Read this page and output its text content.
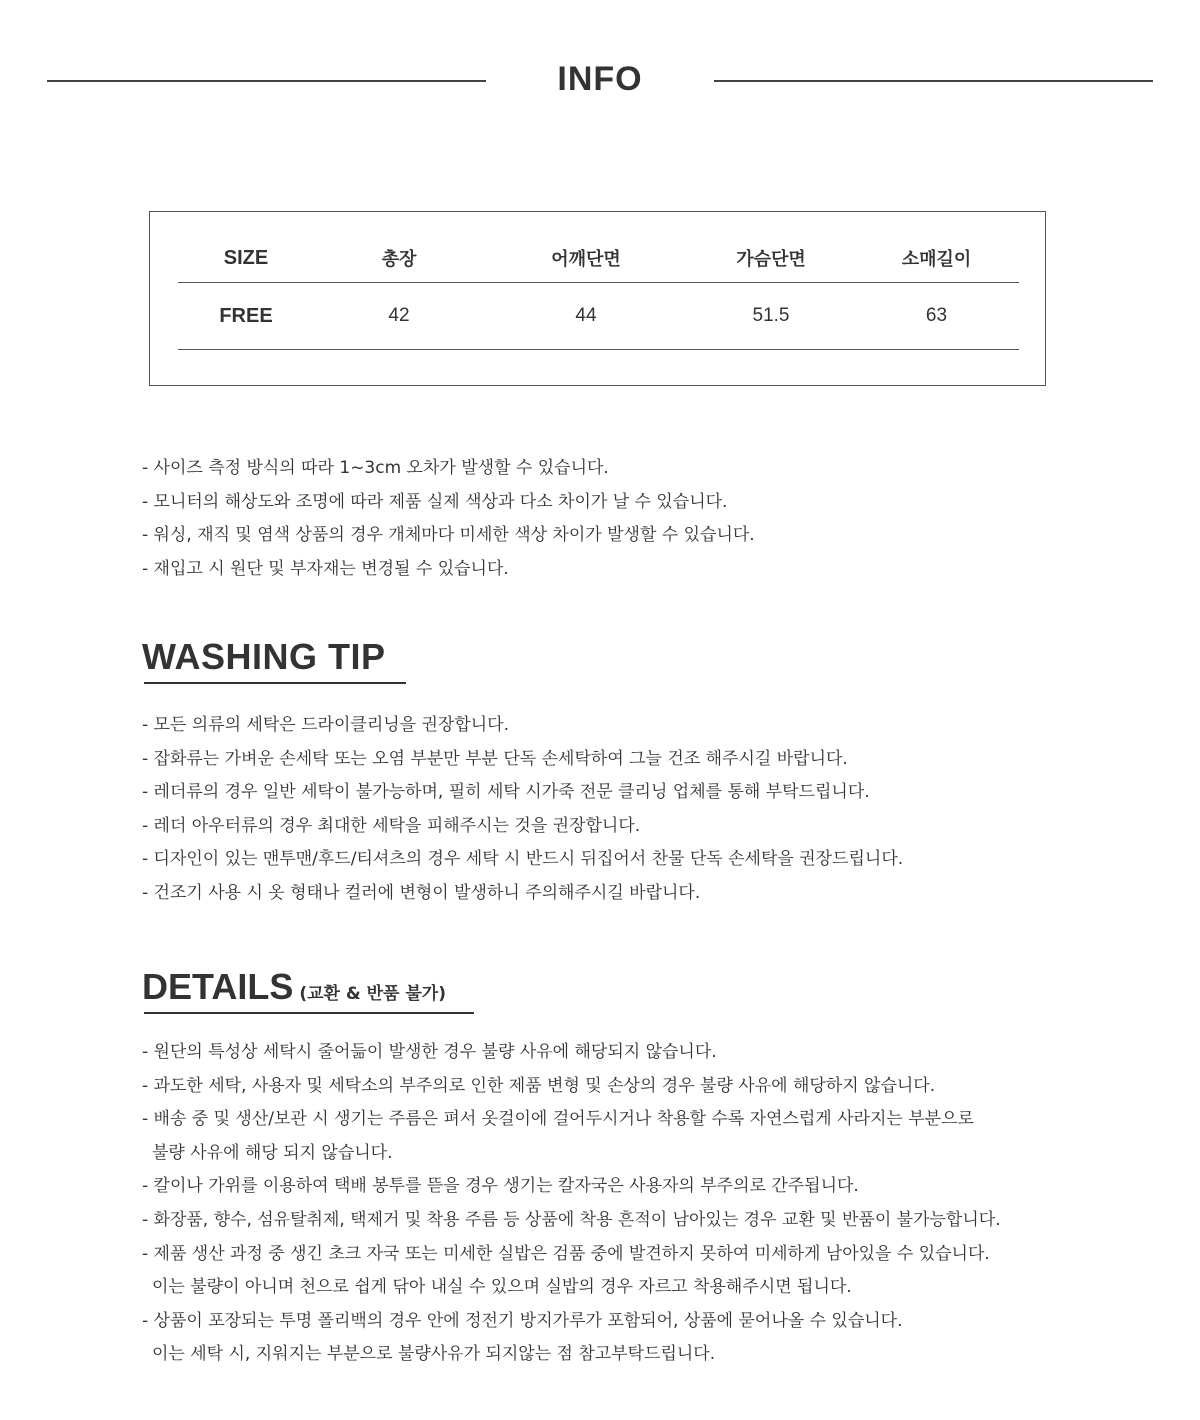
INFO
SIZE	총장	어깨단면	가슴단면	소매길이
FREE	42	44	51.5	63
- 사이즈 측정 방식의 따라 1~3cm 오차가 발생할 수 있습니다.
- 모니터의 해상도와 조명에 따라 제품 실제 색상과 다소 차이가 날 수 있습니다.
- 워싱, 재직 및 염색 상품의 경우 개체마다 미세한 색상 차이가 발생할 수 있습니다.
- 재입고 시 원단 및 부자재는 변경될 수 있습니다.
WASHING TIP
- 모든 의류의 세탁은 드라이클리닝을 권장합니다.
- 잡화류는 가벼운 손세탁 또는 오염 부분만 부분 단독 손세탁하여 그늘 건조 해주시길 바랍니다.
- 레더류의 경우 일반 세탁이 불가능하며, 필히 세탁 시가죽 전문 클리닝 업체를 통해 부탁드립니다.
- 레더 아우터류의 경우 최대한 세탁을 피해주시는 것을 권장합니다.
- 디자인이 있는 맨투맨/후드/티셔츠의 경우 세탁 시 반드시 뒤집어서 찬물 단독 손세탁을 권장드립니다.
- 건조기 사용 시 옷 형태나 컬러에 변형이 발생하니 주의해주시길 바랍니다.
DETAILS (교환 & 반품 불가)
- 원단의 특성상 세탁시 줄어듦이 발생한 경우 불량 사유에 해당되지 않습니다.
- 과도한 세탁, 사용자 및 세탁소의 부주의로 인한 제품 변형 및 손상의 경우 불량 사유에 해당하지 않습니다.
- 배송 중 및 생산/보관 시 생기는 주름은 펴서 옷걸이에 걸어두시거나 착용할 수록 자연스럽게 사라지는 부분으로
불량 사유에 해당 되지 않습니다.
- 칼이나 가위를 이용하여 택배 봉투를 뜯을 경우 생기는 칼자국은 사용자의 부주의로 간주됩니다.
- 화장품, 향수, 섬유탈취제, 택제거 및 착용 주름 등 상품에 착용 흔적이 남아있는 경우 교환 및 반품이 불가능합니다.
- 제품 생산 과정 중 생긴 초크 자국 또는 미세한 실밥은 검품 중에 발견하지 못하여 미세하게 남아있을 수 있습니다.
이는 불량이 아니며 천으로 쉽게 닦아 내실 수 있으며 실밥의 경우 자르고 착용해주시면 됩니다.
- 상품이 포장되는 투명 폴리백의 경우 안에 정전기 방지가루가 포함되어, 상품에 묻어나올 수 있습니다.
이는 세탁 시, 지워지는 부분으로 불량사유가 되지않는 점 참고부탁드립니다.
